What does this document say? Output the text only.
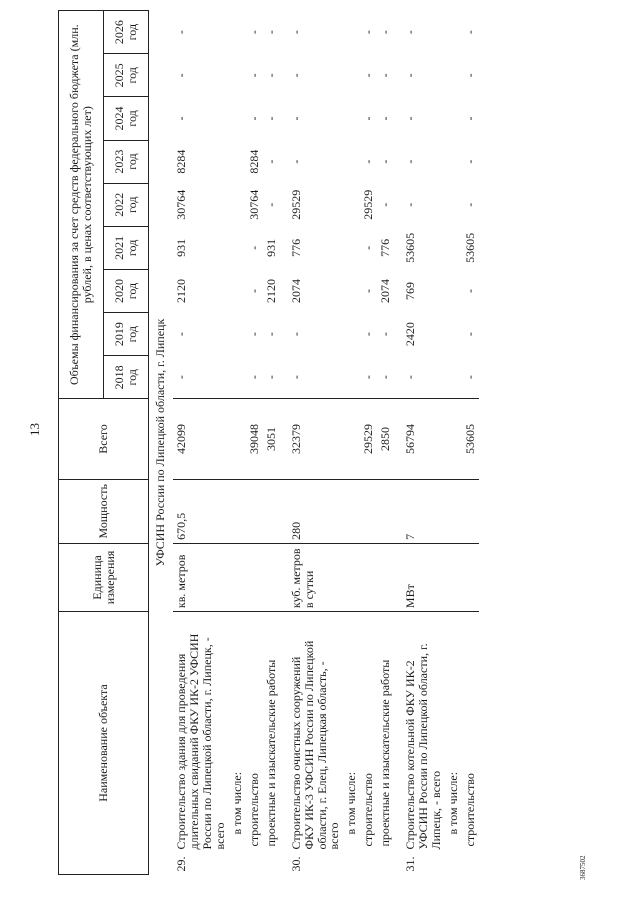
13
3687502
Наименование объекта	Единица измерения	Мощность	Всего	Объемы финансирования за счет средств федерального бюджета (млн. рублей, в ценах соответствующих лет)								
				2018 год	2019 год	2020 год	2021 год	2022 год	2023 год	2024 год	2025 год	2026 год
УФСИН России по Липецкой области, г. Липецк												
29.Строительство здания для проведения длительных свиданий ФКУ ИК-2 УФСИН России по Липецкой области, г. Липецк, - всего	кв. метров	670,5	42099	-	-	2120	931	30764	8284	-	-	-
в том числе:												
строительство			39048	-	-	-	-	30764	8284	-	-	-
проектные и изыскательские работы			3051	-	-	2120	931	-	-	-	-	-
30.Строительство очистных сооружений ФКУ ИК-3 УФСИН России по Липецкой области, г. Елец, Липецкая область, - всего	куб. метров в сутки	280	32379	-	-	2074	776	29529	-	-	-	-
в том числе:												
строительство			29529	-	-	-	-	29529	-	-	-	-
проектные и изыскательские работы			2850	-	-	2074	776	-	-	-	-	-
31.Строительство котельной ФКУ ИК-2 УФСИН России по Липецкой области, г. Липецк, - всего	МВт	7	56794	-	2420	769	53605	-	-	-	-	-
в том числе:												
строительство			53605	-	-	-	53605	-	-	-	-	-
